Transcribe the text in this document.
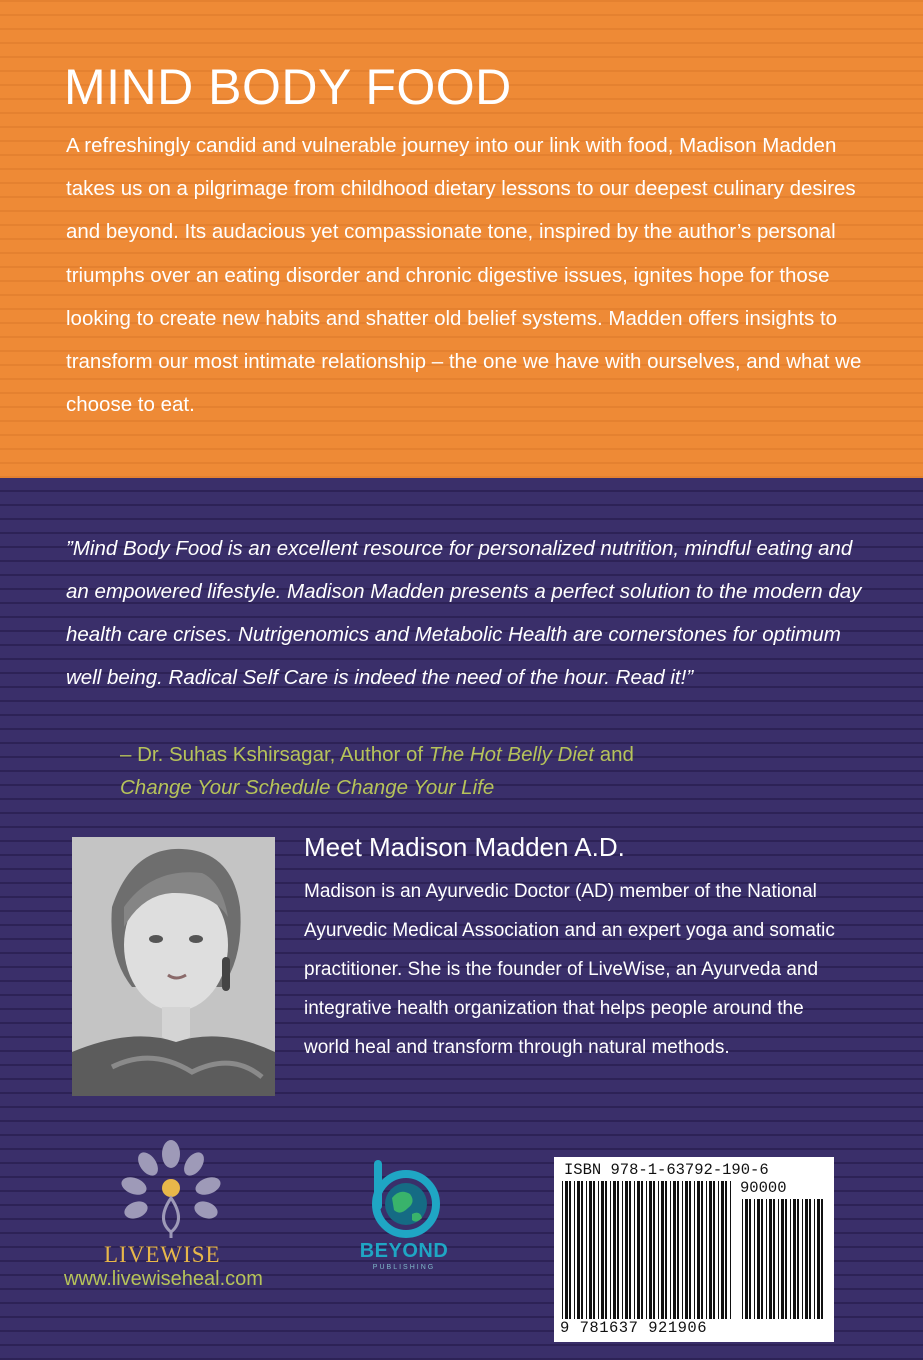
MIND BODY FOOD

A refreshingly candid and vulnerable journey into our link with food, Madison Madden takes us on a pilgrimage from childhood dietary lessons to our deepest culinary desires and beyond. Its audacious yet compassionate tone, inspired by the author’s personal triumphs over an eating disorder and chronic digestive issues, ignites hope for those looking to create new habits and shatter old belief systems. Madden offers insights to transform our most intimate relationship – the one we have with ourselves, and what we choose to eat.

”Mind Body Food is an excellent resource for personalized nutrition, mindful eating and an empowered lifestyle. Madison Madden presents a perfect solution to the modern day health care crises. Nutrigenomics and Metabolic Health are cornerstones for optimum well being. Radical Self Care is indeed the need of the hour. Read it!”

– Dr. Suhas Kshirsagar, Author of The Hot Belly Diet and
Change Your Schedule Change Your Life

Meet Madison Madden A.D.

Madison is an Ayurvedic Doctor (AD) member of the National Ayurvedic Medical Association and an expert yoga and somatic practitioner. She is the founder of LiveWise, an Ayurveda and integrative health organization that helps people around the world heal and transform through natural methods.

LIVEWISE

www.livewiseheal.com

BEYOND

PUBLISHING

ISBN 978-1-63792-190-6

90000

9 781637 921906
